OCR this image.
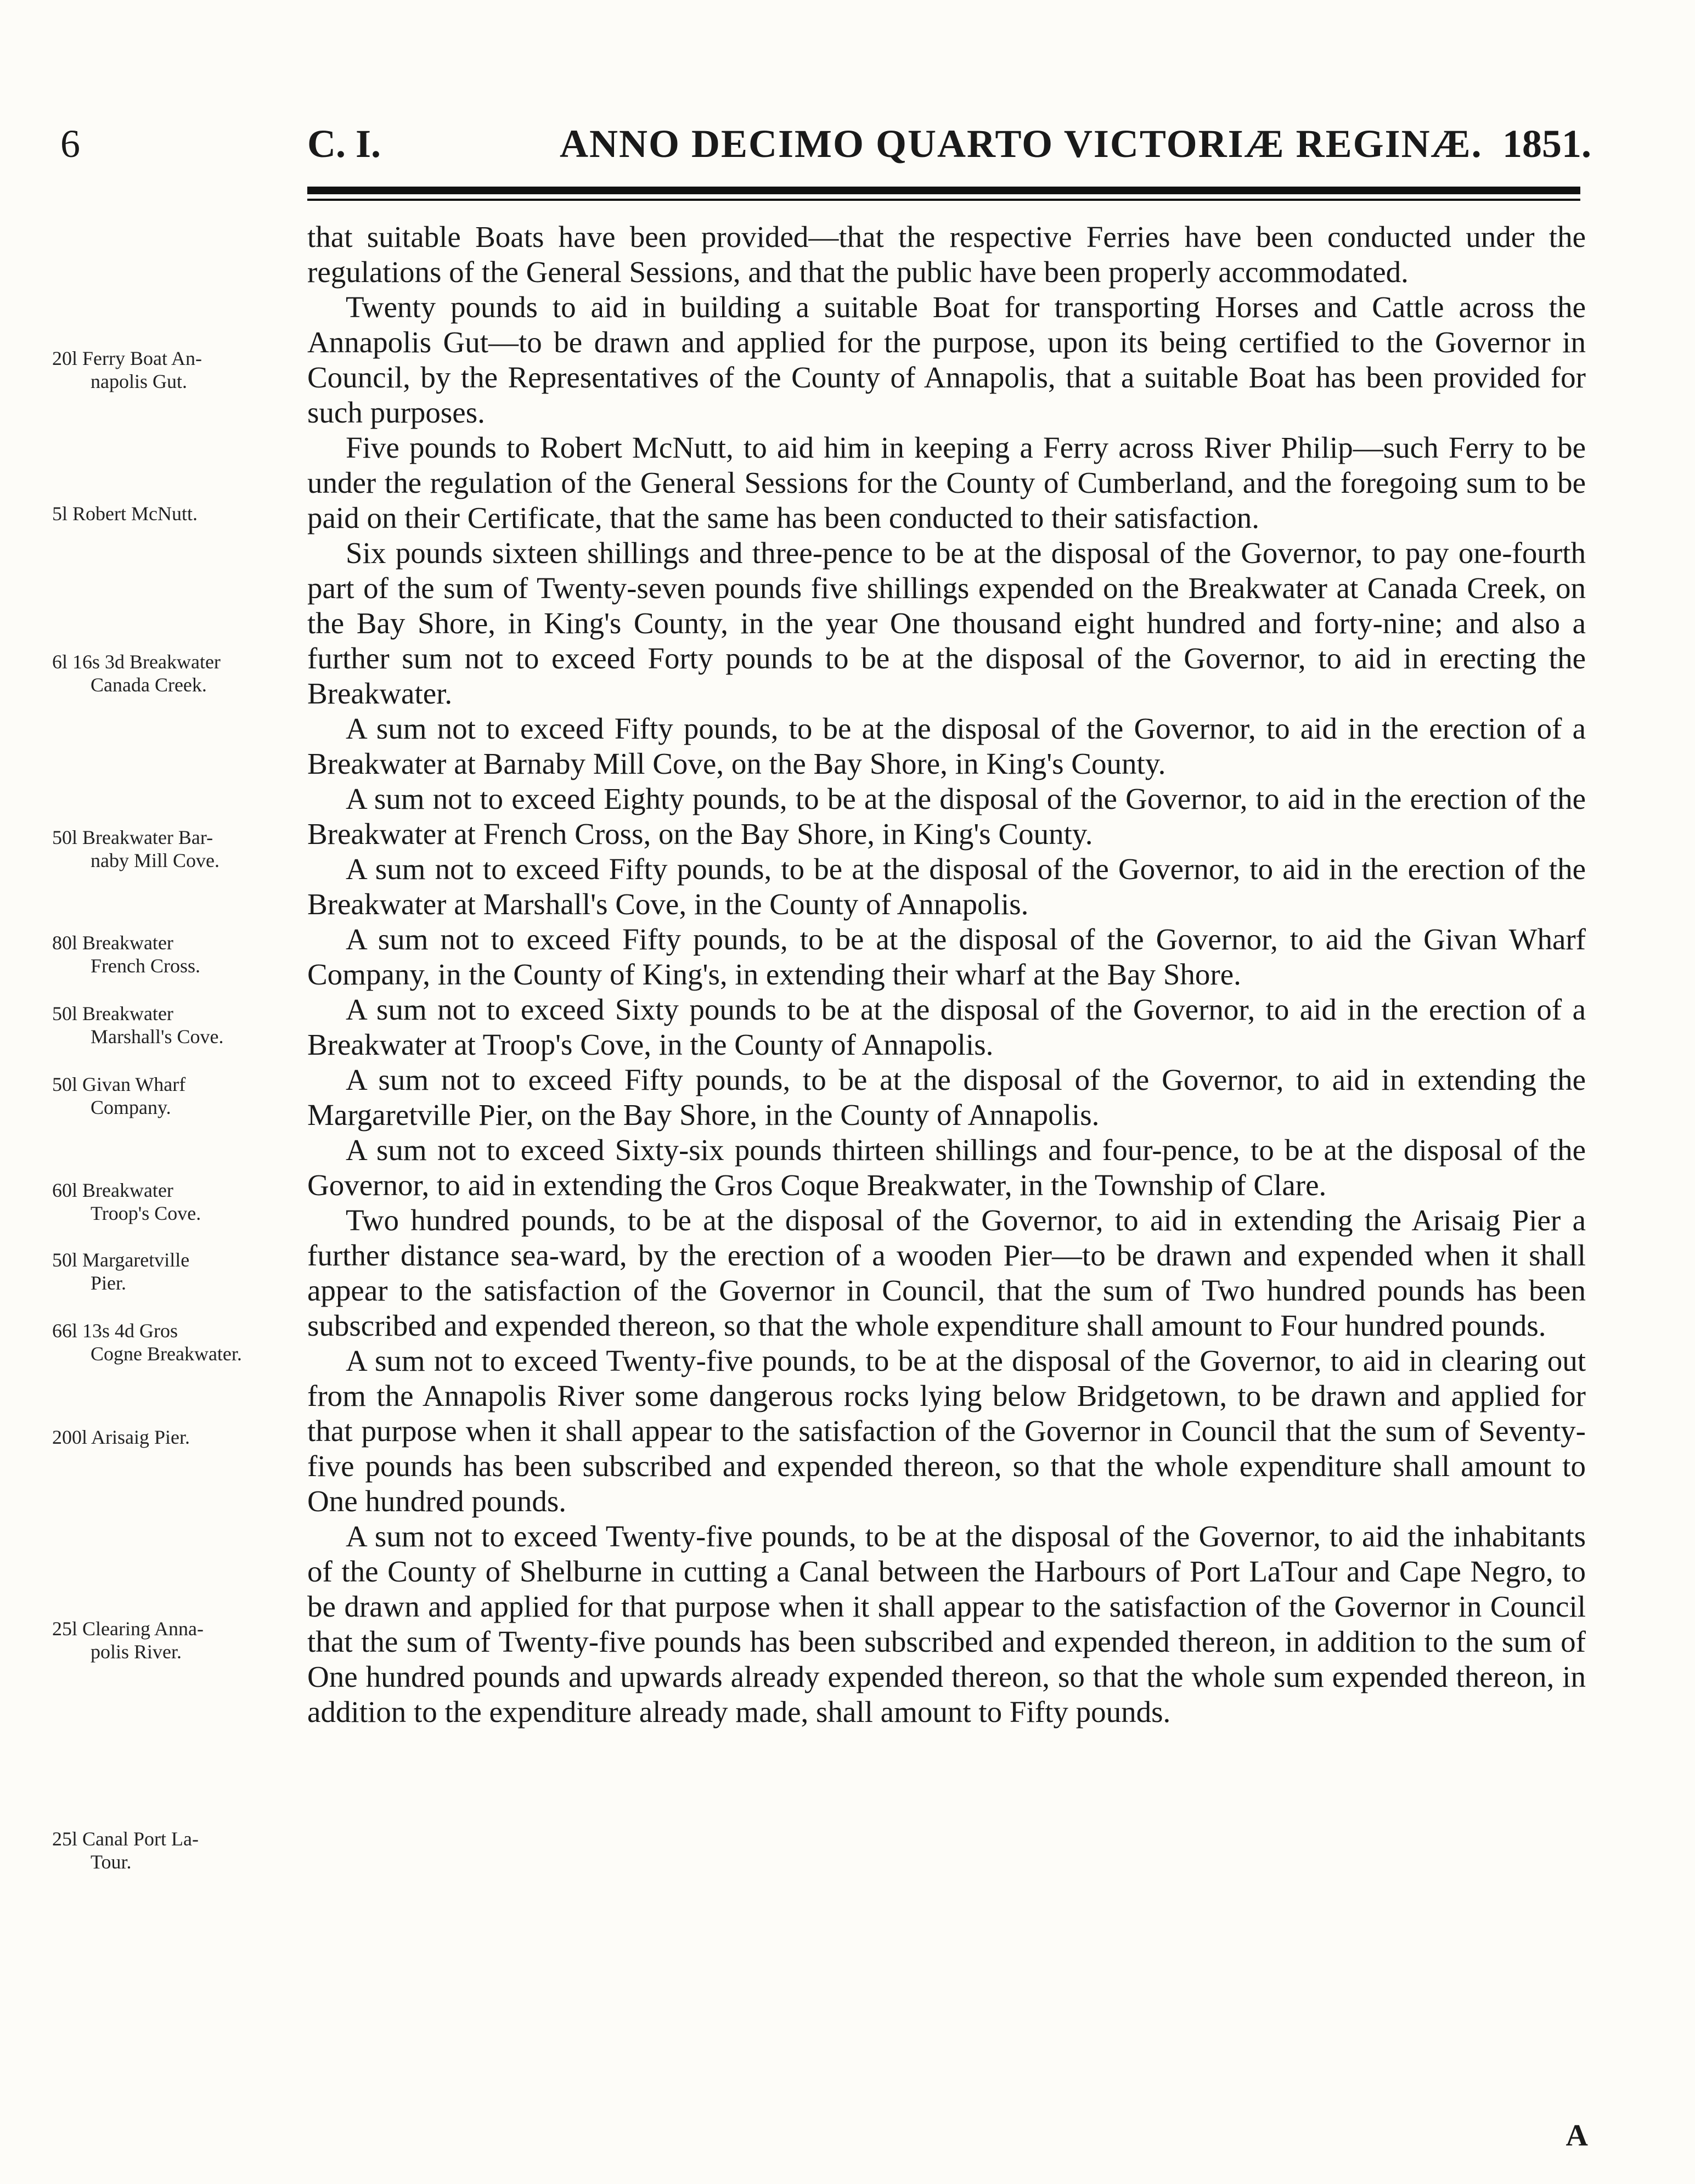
6	C. I.	ANNO DECIMO QUARTO VICTORIÆ REGINÆ. 1851.

that suitable Boats have been provided—that the respective Ferries have been conducted under the regulations of the General Sessions, and that the public have been properly accommodated.

Twenty pounds to aid in building a suitable Boat for transporting Horses and Cattle across the Annapolis Gut—to be drawn and applied for the purpose, upon its being certified to the Governor in Council, by the Representatives of the County of Annapolis, that a suitable Boat has been provided for such purposes.

Five pounds to Robert McNutt, to aid him in keeping a Ferry across River Philip—such Ferry to be under the regulation of the General Sessions for the County of Cumberland, and the foregoing sum to be paid on their Certificate, that the same has been conducted to their satisfaction.

Six pounds sixteen shillings and three-pence to be at the disposal of the Governor, to pay one-fourth part of the sum of Twenty-seven pounds five shillings expended on the Breakwater at Canada Creek, on the Bay Shore, in King's County, in the year One thousand eight hundred and forty-nine; and also a further sum not to exceed Forty pounds to be at the disposal of the Governor, to aid in erecting the Breakwater.

A sum not to exceed Fifty pounds, to be at the disposal of the Governor, to aid in the erection of a Breakwater at Barnaby Mill Cove, on the Bay Shore, in King's County.

A sum not to exceed Eighty pounds, to be at the disposal of the Governor, to aid in the erection of the Breakwater at French Cross, on the Bay Shore, in King's County.

A sum not to exceed Fifty pounds, to be at the disposal of the Governor, to aid in the erection of the Breakwater at Marshall's Cove, in the County of Annapolis.

A sum not to exceed Fifty pounds, to be at the disposal of the Governor, to aid the Givan Wharf Company, in the County of King's, in extending their wharf at the Bay Shore.

A sum not to exceed Sixty pounds to be at the disposal of the Governor, to aid in the erection of a Breakwater at Troop's Cove, in the County of Annapolis.

A sum not to exceed Fifty pounds, to be at the disposal of the Governor, to aid in extending the Margaretville Pier, on the Bay Shore, in the County of Annapolis.

A sum not to exceed Sixty-six pounds thirteen shillings and four-pence, to be at the disposal of the Governor, to aid in extending the Gros Coque Breakwater, in the Township of Clare.

Two hundred pounds, to be at the disposal of the Governor, to aid in extending the Arisaig Pier a further distance sea-ward, by the erection of a wooden Pier—to be drawn and expended when it shall appear to the satisfaction of the Governor in Council, that the sum of Two hundred pounds has been subscribed and expended thereon, so that the whole expenditure shall amount to Four hundred pounds.

A sum not to exceed Twenty-five pounds, to be at the disposal of the Governor, to aid in clearing out from the Annapolis River some dangerous rocks lying below Bridgetown, to be drawn and applied for that purpose when it shall appear to the satisfaction of the Governor in Council that the sum of Seventy-five pounds has been subscribed and expended thereon, so that the whole expenditure shall amount to One hundred pounds.

A sum not to exceed Twenty-five pounds, to be at the disposal of the Governor, to aid the inhabitants of the County of Shelburne in cutting a Canal between the Harbours of Port LaTour and Cape Negro, to be drawn and applied for that purpose when it shall appear to the satisfaction of the Governor in Council that the sum of Twenty-five pounds has been subscribed and expended thereon, in addition to the sum of One hundred pounds and upwards already expended thereon, so that the whole sum expended thereon, in addition to the expenditure already made, shall amount to Fifty pounds.

20l Ferry Boat An-
napolis Gut.
5l Robert McNutt.
6l 16s 3d Breakwater
Canada Creek.
50l Breakwater Bar-
naby Mill Cove.
80l Breakwater
French Cross.
50l Breakwater
Marshall's Cove.
50l Givan Wharf
Company.
60l Breakwater
Troop's Cove.
50l Margaretville
Pier.
66l 13s 4d Gros
Cogne Breakwater.
200l Arisaig Pier.
25l Clearing Anna-
polis River.
25l Canal Port La-
Tour.
A
